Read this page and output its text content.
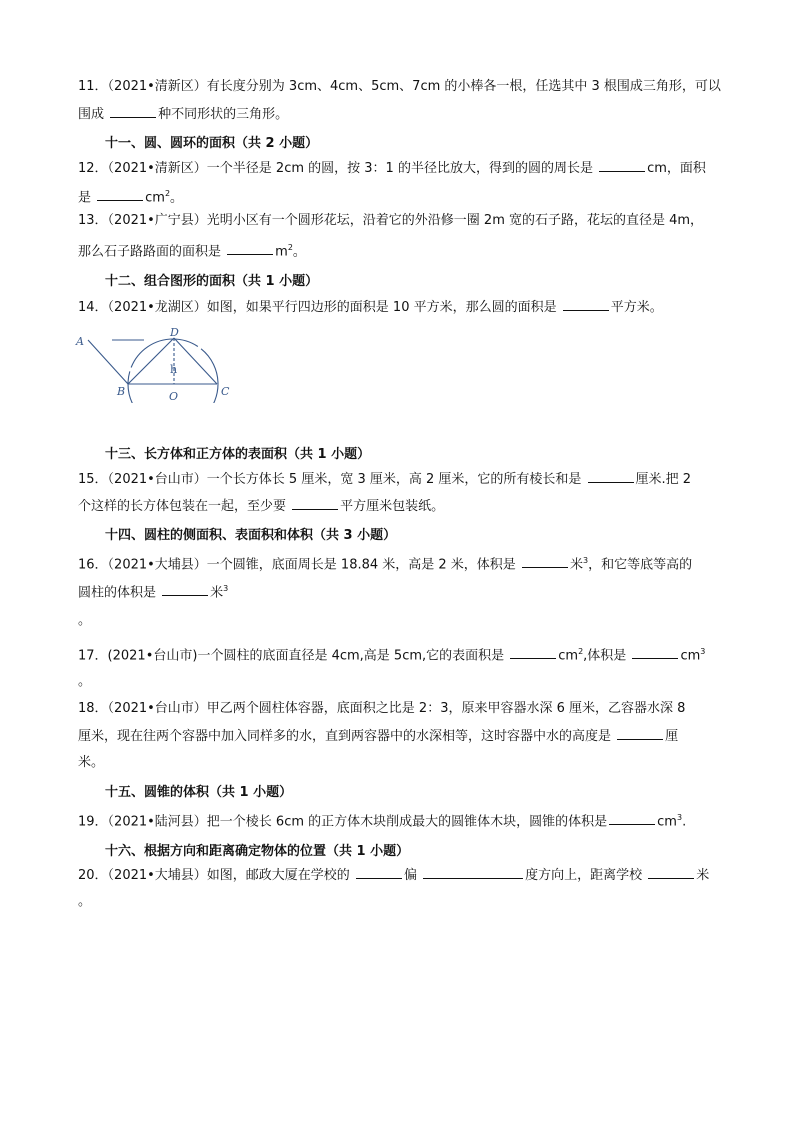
11．（2021•清新区）有长度分别为 3cm、4cm、5cm、7cm 的小棒各一根，任选其中 3 根围成三角形，可以
围成	种不同形状的三角形。
十一、圆、圆环的面积（共 2 小题）
12．（2021•清新区）一个半径是 2cm 的圆，按 3：1 的半径比放大，得到的圆的周长是	cm，面积
是	$cm^2$。
13．（2021•广宁县）光明小区有一个圆形花坛，沿着它的外沿修一圈 2m 宽的石子路，花坛的直径是 4m，
那么石子路路面的面积是	$m^2$。
十二、组合图形的面积（共 1 小题）
14．（2021•龙湖区）如图，如果平行四边形的面积是 10 平方米，那么圆的面积是	平方米。
A
D
B	C
O
h
十三、长方体和正方体的表面积（共 1 小题）
15．（2021•台山市）一个长方体长 5 厘米，宽 3 厘米，高 2 厘米，它的所有棱长和是	厘米.把 2
个这样的长方体包装在一起，至少要	平方厘米包装纸。
十四、圆柱的侧面积、表面积和体积（共 3 小题）
16．（2021•大埔县）一个圆锥，底面周长是 18.84 米，高是 2 米，体积是	米$^3$，和它等底等高的
圆柱的体积是	米$^3$
。
17．(2021•台山市)一个圆柱的底面直径是 4cm,高是 5cm,它的表面积是	$cm^2$,体积是	$cm^3$
。
18．（2021•台山市）甲乙两个圆柱体容器，底面积之比是 2：3，原来甲容器水深 6 厘米，乙容器水深 8
厘米，现在往两个容器中加入同样多的水，直到两容器中的水深相等，这时容器中水的高度是	厘
米。
十五、圆锥的体积（共 1 小题）
19．（2021•陆河县）把一个棱长 6cm 的正方体木块削成最大的圆锥体木块，圆锥的体积是	$cm^3$.
十六、根据方向和距离确定物体的位置（共 1 小题）
20．（2021•大埔县）如图，邮政大厦在学校的	偏	度方向上，距离学校	米
。
